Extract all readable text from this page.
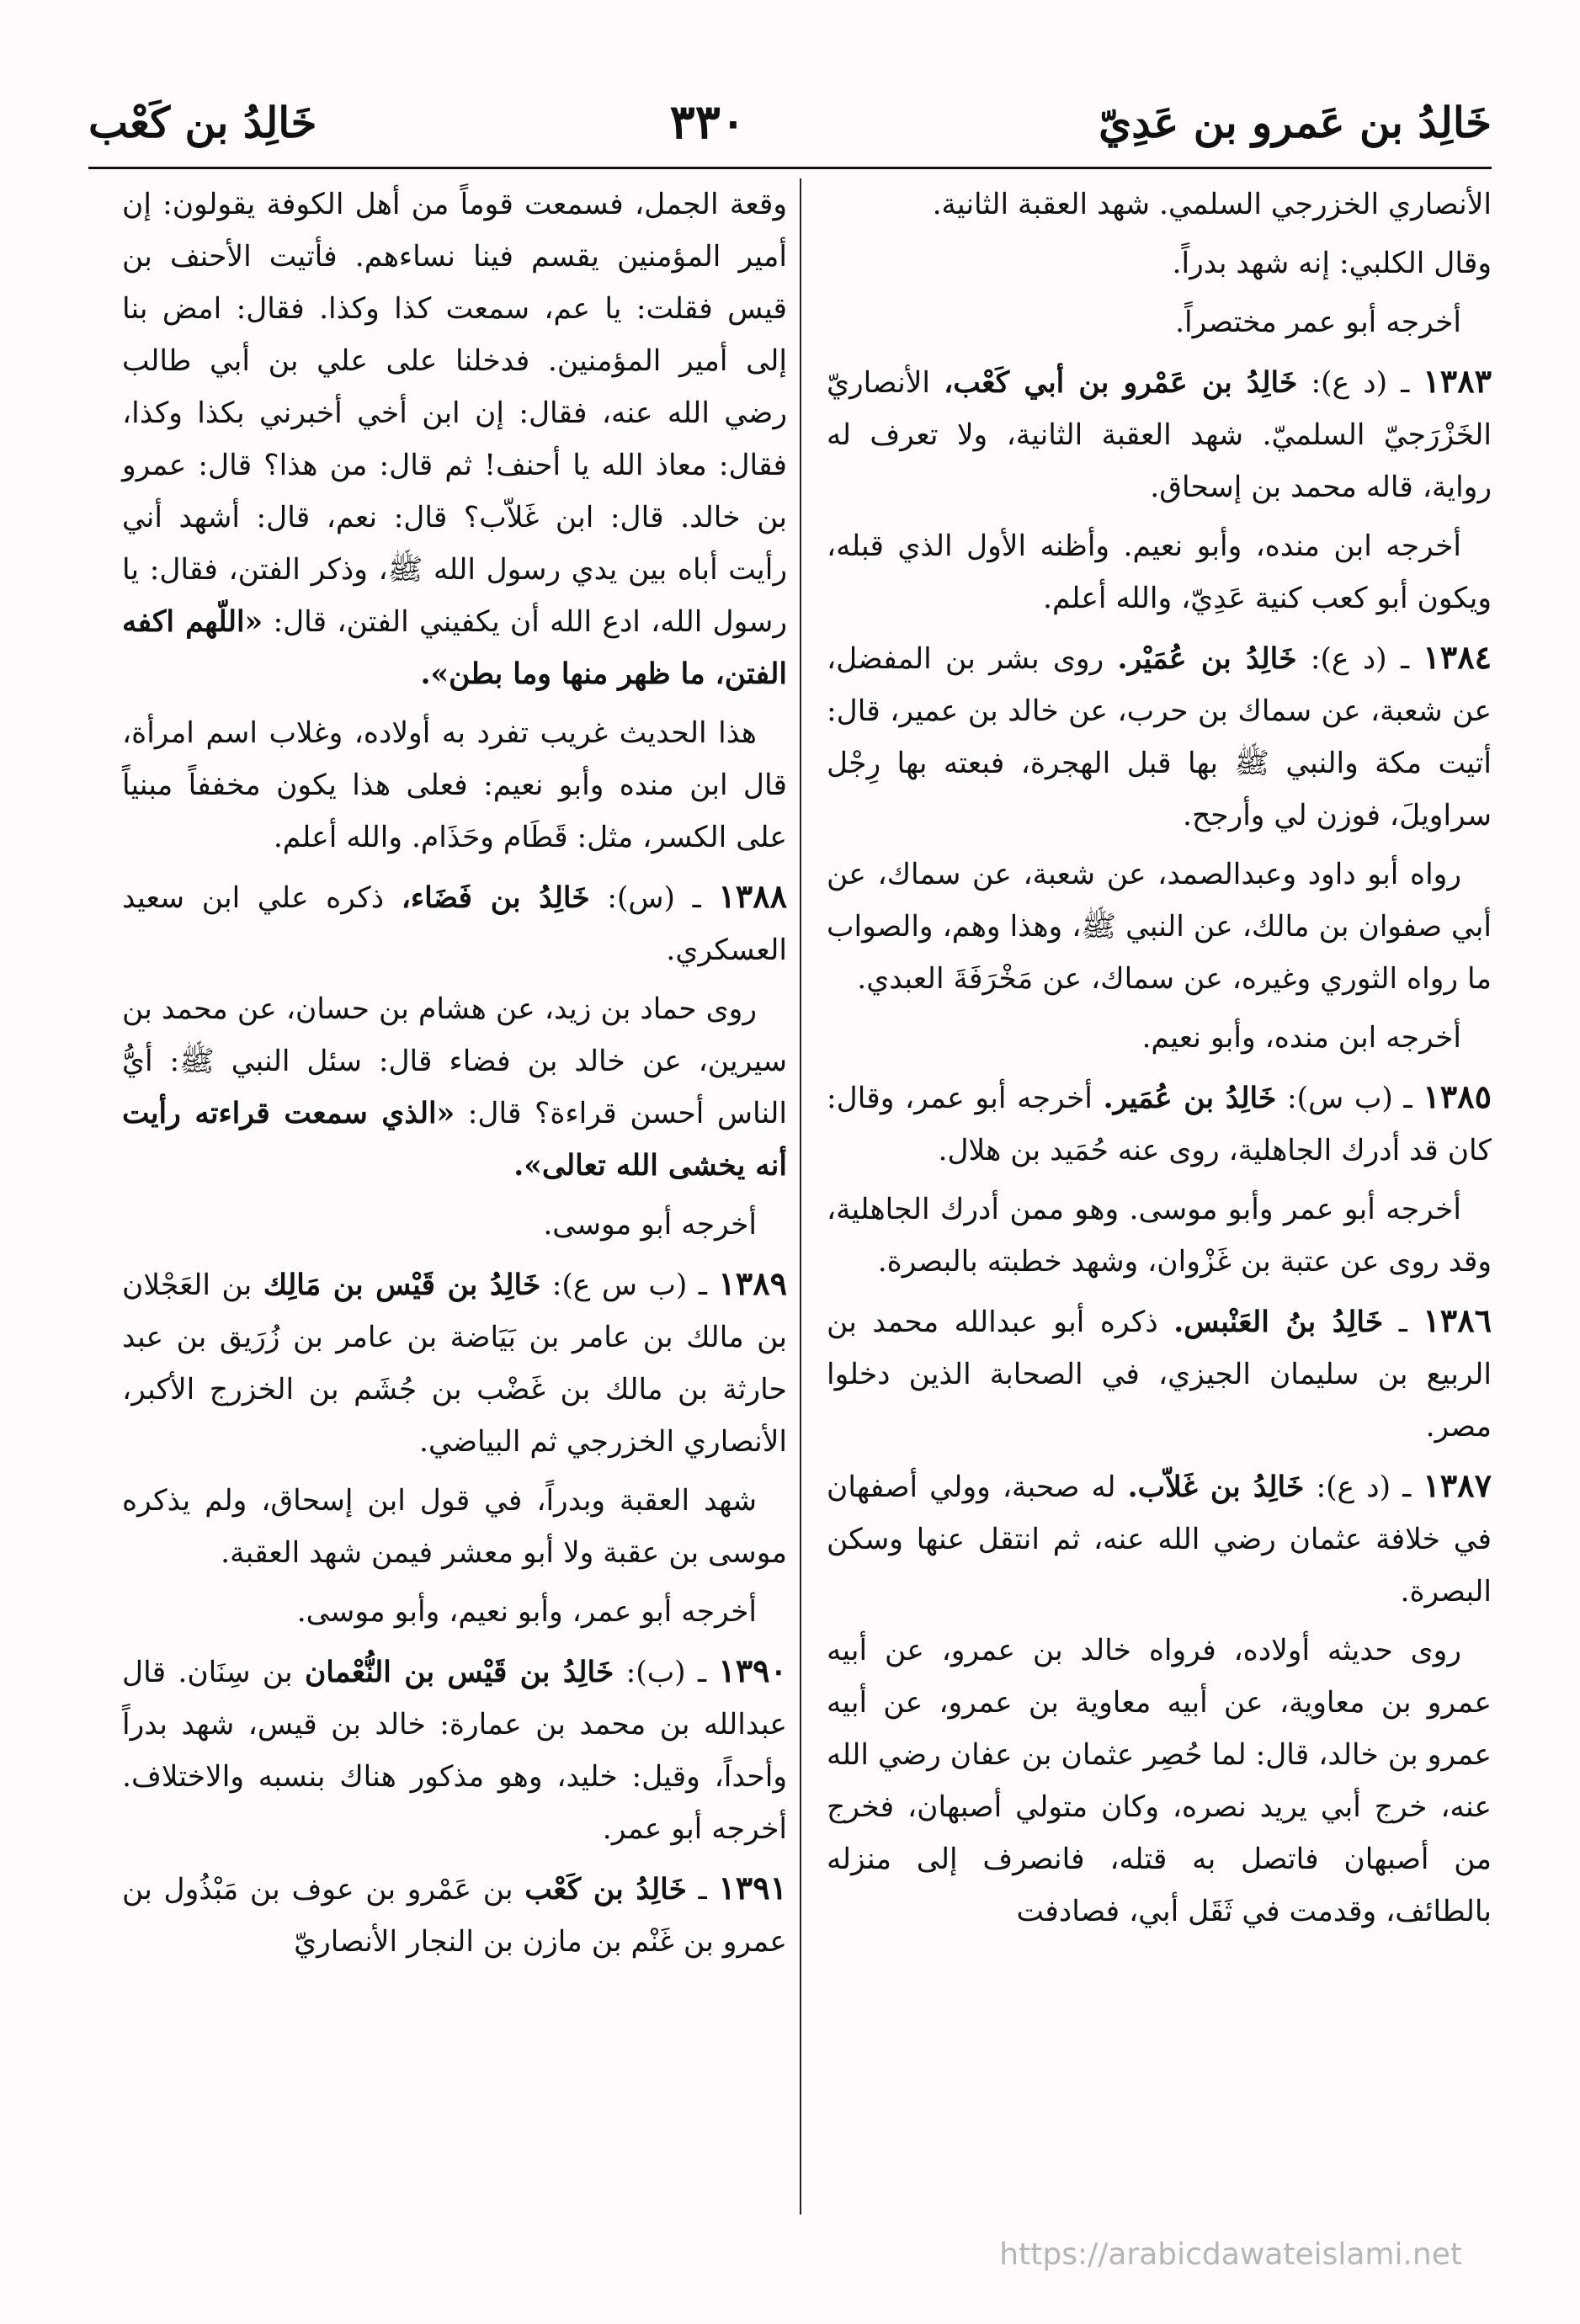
خَالِدُ بن عَمرو بن عَدِيّ
٣٣٠
خَالِدُ بن كَعْب

الأنصاري الخزرجي السلمي. شهد العقبة الثانية.

وقال الكلبي: إنه شهد بدراً.

أخرجه أبو عمر مختصراً.

١٣٨٣ ـ (د ع): خَالِدُ بن عَمْرو بن أبي كَعْب، الأنصاريّ الخَزْرَجيّ السلميّ. شهد العقبة الثانية، ولا تعرف له رواية، قاله محمد بن إسحاق.

أخرجه ابن منده، وأبو نعيم. وأظنه الأول الذي قبله، ويكون أبو كعب كنية عَدِيّ، والله أعلم.

١٣٨٤ ـ (د ع): خَالِدُ بن عُمَيْر. روى بشر بن المفضل، عن شعبة، عن سماك بن حرب، عن خالد بن عمير، قال: أتيت مكة والنبي ﷺ بها قبل الهجرة، فبعته بها رِجْل سراويلَ، فوزن لي وأرجح.

رواه أبو داود وعبدالصمد، عن شعبة، عن سماك، عن أبي صفوان بن مالك، عن النبي ﷺ، وهذا وهم، والصواب ما رواه الثوري وغيره، عن سماك، عن مَخْرَفَةَ العبدي.

أخرجه ابن منده، وأبو نعيم.

١٣٨٥ ـ (ب س): خَالِدُ بن عُمَير. أخرجه أبو عمر، وقال: كان قد أدرك الجاهلية، روى عنه حُمَيد بن هلال.

أخرجه أبو عمر وأبو موسى. وهو ممن أدرك الجاهلية، وقد روى عن عتبة بن غَزْوان، وشهد خطبته بالبصرة.

١٣٨٦ ـ خَالِدُ بنُ العَنْبس. ذكره أبو عبدالله محمد بن الربيع بن سليمان الجيزي، في الصحابة الذين دخلوا مصر.

١٣٨٧ ـ (د ع): خَالِدُ بن غَلاّب. له صحبة، وولي أصفهان في خلافة عثمان رضي الله عنه، ثم انتقل عنها وسكن البصرة.

روى حديثه أولاده، فرواه خالد بن عمرو، عن أبيه عمرو بن معاوية، عن أبيه معاوية بن عمرو، عن أبيه عمرو بن خالد، قال: لما حُصِر عثمان بن عفان رضي الله عنه، خرج أبي يريد نصره، وكان متولي أصبهان، فخرج من أصبهان فاتصل به قتله، فانصرف إلى منزله بالطائف، وقدمت في ثَقَل أبي، فصادفت

وقعة الجمل، فسمعت قوماً من أهل الكوفة يقولون: إن أمير المؤمنين يقسم فينا نساءهم. فأتيت الأحنف بن قيس فقلت: يا عم، سمعت كذا وكذا. فقال: امض بنا إلى أمير المؤمنين. فدخلنا على علي بن أبي طالب رضي الله عنه، فقال: إن ابن أخي أخبرني بكذا وكذا، فقال: معاذ الله يا أحنف! ثم قال: من هذا؟ قال: عمرو بن خالد. قال: ابن غَلاّب؟ قال: نعم، قال: أشهد أني رأيت أباه بين يدي رسول الله ﷺ، وذكر الفتن، فقال: يا رسول الله، ادع الله أن يكفيني الفتن، قال: «اللّهم اكفه الفتن، ما ظهر منها وما بطن».

هذا الحديث غريب تفرد به أولاده، وغلاب اسم امرأة، قال ابن منده وأبو نعيم: فعلى هذا يكون مخففاً مبنياً على الكسر، مثل: قَطَام وحَذَام. والله أعلم.

١٣٨٨ ـ (س): خَالِدُ بن فَضَاء، ذكره علي ابن سعيد العسكري.

روى حماد بن زيد، عن هشام بن حسان، عن محمد بن سيرين، عن خالد بن فضاء قال: سئل النبي ﷺ: أيُّ الناس أحسن قراءة؟ قال: «الذي سمعت قراءته رأيت أنه يخشى الله تعالى».

أخرجه أبو موسى.

١٣٨٩ ـ (ب س ع): خَالِدُ بن قَيْس بن مَالِك بن العَجْلان بن مالك بن عامر بن بَيَاضة بن عامر بن زُرَيق بن عبد حارثة بن مالك بن غَضْب بن جُشَم بن الخزرج الأكبر، الأنصاري الخزرجي ثم البياضي.

شهد العقبة وبدراً، في قول ابن إسحاق، ولم يذكره موسى بن عقبة ولا أبو معشر فيمن شهد العقبة.

أخرجه أبو عمر، وأبو نعيم، وأبو موسى.

١٣٩٠ ـ (ب): خَالِدُ بن قَيْس بن النُّعْمان بن سِنَان. قال عبدالله بن محمد بن عمارة: خالد بن قيس، شهد بدراً وأحداً، وقيل: خليد، وهو مذكور هناك بنسبه والاختلاف. أخرجه أبو عمر.

١٣٩١ ـ خَالِدُ بن كَعْب بن عَمْرو بن عوف بن مَبْذُول بن عمرو بن غَنْم بن مازن بن النجار الأنصاريّ

https://arabicdawateislami.net
